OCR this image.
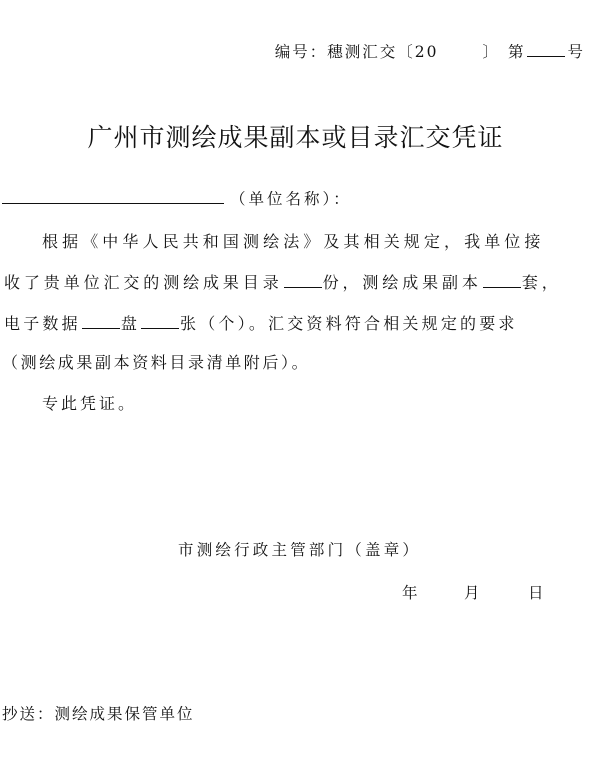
编号：穗测汇交〔20	〕 第	号
广州市测绘成果副本或目录汇交凭证
（单位名称）：
根据《中华人民共和国测绘法》及其相关规定，我单位接
收了贵单位汇交的测绘成果目录	份，测绘成果副本	套，
电子数据	盘	张（个）。汇交资料符合相关规定的要求
（测绘成果副本资料目录清单附后）。
专此凭证。
市测绘行政主管部门（盖章）
年	月	日
抄送：测绘成果保管单位
